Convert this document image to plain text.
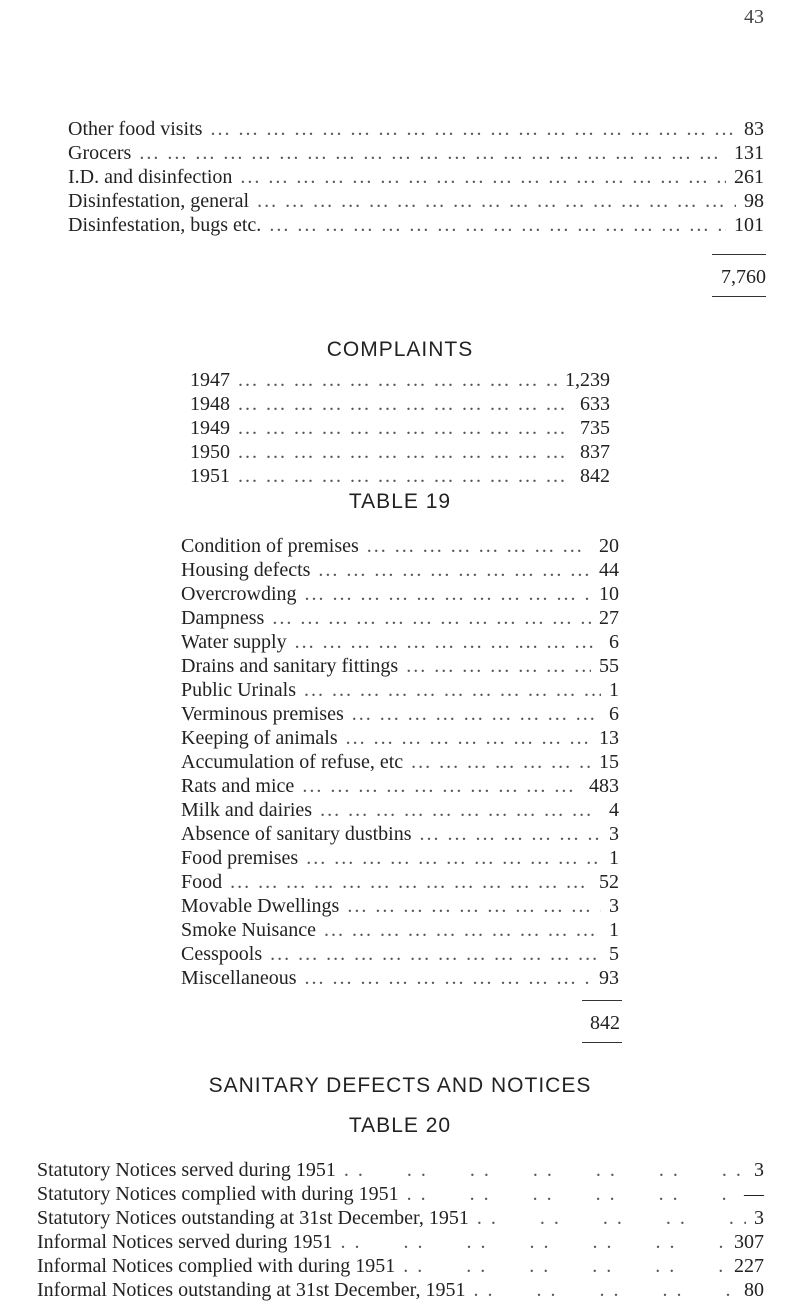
43
Other food visits ... .	83
Grocers ... .	131
I.D. and disinfection ... .	261
Disinfestation, general ... .	98
Disinfestation, bugs etc. ... .	101
7,760
COMPLAINTS
1947 ... .	1,239
1948 ... .	633
1949 ... .	735
1950 ... .	837
1951 ... .	842
TABLE 19
Condition of premises ... .	20
Housing defects ... .	44
Overcrowding ... .	10
Dampness ... .	27
Water supply ... .	6
Drains and sanitary fittings ... .	55
Public Urinals ... .	1
Verminous premises ... .	6
Keeping of animals ... .	13
Accumulation of refuse, etc ... .	15
Rats and mice ... .	483
Milk and dairies ... .	4
Absence of sanitary dustbins ... .	3
Food premises ... .	1
Food ... .	52
Movable Dwellings ... .	3
Smoke Nuisance ... .	1
Cesspools ... .	5
Miscellaneous ... .	93
842
SANITARY DEFECTS AND NOTICES
TABLE 20
Statutory Notices served during 1951 . .	3
Statutory Notices complied with during 1951 . .	—
Statutory Notices outstanding at 31st December, 1951 . .	3
Informal Notices served during 1951 . .	307
Informal Notices complied with during 1951 . .	227
Informal Notices outstanding at 31st December, 1951 . .	80
